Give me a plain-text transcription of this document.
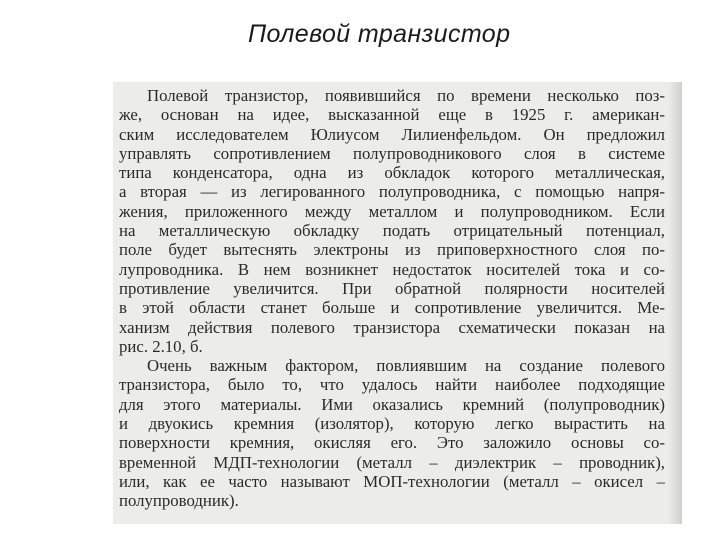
Полевой транзистор
Полевой транзистор, появившийся по времени несколько поз-
же, основан на идее, высказанной еще в 1925 г. американ-
ским исследователем Юлиусом Лилиенфельдом. Он предложил
управлять сопротивлением полупроводникового слоя в системе
типа конденсатора, одна из обкладок которого металлическая,
а вторая — из легированного полупроводника, с помощью напря-
жения, приложенного между металлом и полупроводником. Если
на металлическую обкладку подать отрицательный потенциал,
поле будет вытеснять электроны из приповерхностного слоя по-
лупроводника. В нем возникнет недостаток носителей тока и со-
противление увеличится. При обратной полярности носителей
в этой области станет больше и сопротивление увеличится. Ме-
ханизм действия полевого транзистора схематически показан на
рис. 2.10, б.
Очень важным фактором, повлиявшим на создание полевого
транзистора, было то, что удалось найти наиболее подходящие
для этого материалы. Ими оказались кремний (полупроводник)
и двуокись кремния (изолятор), которую легко вырастить на
поверхности кремния, окисляя его. Это заложило основы со-
временной МДП-технологии (металл – диэлектрик – проводник),
или, как ее часто называют МОП-технологии (металл – окисел –
полупроводник).
